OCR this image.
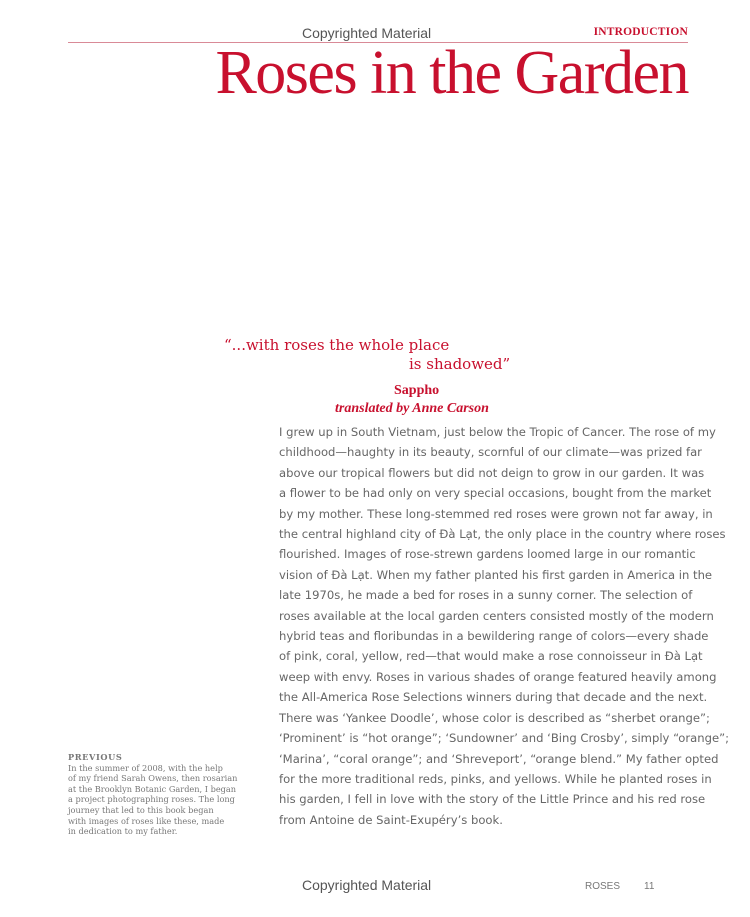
Copyrighted Material	INTRODUCTION
Roses in the Garden
“...with roses the whole place
is shadowed”
Sappho
translated by Anne Carson
I grew up in South Vietnam, just below the Tropic of Cancer. The rose of my
childhood—haughty in its beauty, scornful of our climate—was prized far
above our tropical flowers but did not deign to grow in our garden. It was
a flower to be had only on very special occasions, bought from the market
by my mother. These long-stemmed red roses were grown not far away, in
the central highland city of Đà Lạt, the only place in the country where roses
flourished. Images of rose-strewn gardens loomed large in our romantic
vision of Đà Lạt. When my father planted his first garden in America in the
late 1970s, he made a bed for roses in a sunny corner. The selection of
roses available at the local garden centers consisted mostly of the modern
hybrid teas and floribundas in a bewildering range of colors—every shade
of pink, coral, yellow, red—that would make a rose connoisseur in Đà Lạt
weep with envy. Roses in various shades of orange featured heavily among
the All-America Rose Selections winners during that decade and the next.
There was ‘Yankee Doodle’, whose color is described as “sherbet orange”;
‘Prominent’ is “hot orange”; ‘Sundowner’ and ‘Bing Crosby’, simply “orange”;
‘Marina’, “coral orange”; and ‘Shreveport’, “orange blend.” My father opted
for the more traditional reds, pinks, and yellows. While he planted roses in
his garden, I fell in love with the story of the Little Prince and his red rose
from Antoine de Saint-Exupéry’s book.
PREVIOUS
In the summer of 2008, with the help
of my friend Sarah Owens, then rosarian
at the Brooklyn Botanic Garden, I began
a project photographing roses. The long
journey that led to this book began
with images of roses like these, made
in dedication to my father.
Copyrighted Material	ROSES 11
